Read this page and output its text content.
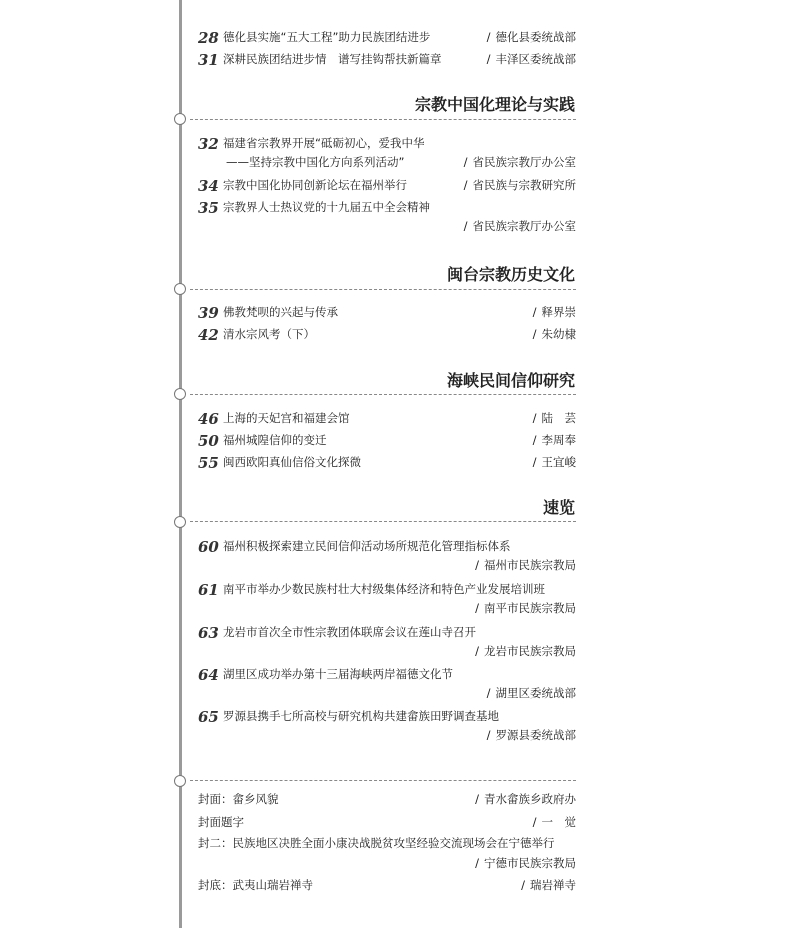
28 德化县实施“五大工程”助力民族团结进步	/ 德化县委统战部
31 深耕民族团结进步情　谱写挂钩帮扶新篇章	/ 丰泽区委统战部
宗教中国化理论与实践
32 福建省宗教界开展“砥砺初心，爱我中华
——坚持宗教中国化方向系列活动”	/ 省民族宗教厅办公室
34 宗教中国化协同创新论坛在福州举行	/ 省民族与宗教研究所
35 宗教界人士热议党的十九届五中全会精神
/ 省民族宗教厅办公室
闽台宗教历史文化
39 佛教梵呗的兴起与传承	/ 释界崇
42 清水宗风考（下）	/ 朱幼棣
海峡民间信仰研究
46 上海的天妃宫和福建会馆	/ 陆　芸
50 福州城隍信仰的变迁	/ 李周奉
55 闽西欧阳真仙信俗文化探微	/ 王宜峻
速览
60 福州积极探索建立民间信仰活动场所规范化管理指标体系
/ 福州市民族宗教局
61 南平市举办少数民族村壮大村级集体经济和特色产业发展培训班
/ 南平市民族宗教局
63 龙岩市首次全市性宗教团体联席会议在莲山寺召开
/ 龙岩市民族宗教局
64 湖里区成功举办第十三届海峡两岸福德文化节
/ 湖里区委统战部
65 罗源县携手七所高校与研究机构共建畲族田野调查基地
/ 罗源县委统战部
封面：畲乡风貌	/ 青水畲族乡政府办
封面题字	/ 一　觉
封二：民族地区决胜全面小康决战脱贫攻坚经验交流现场会在宁德举行
/ 宁德市民族宗教局
封底：武夷山瑞岩禅寺	/ 瑞岩禅寺
